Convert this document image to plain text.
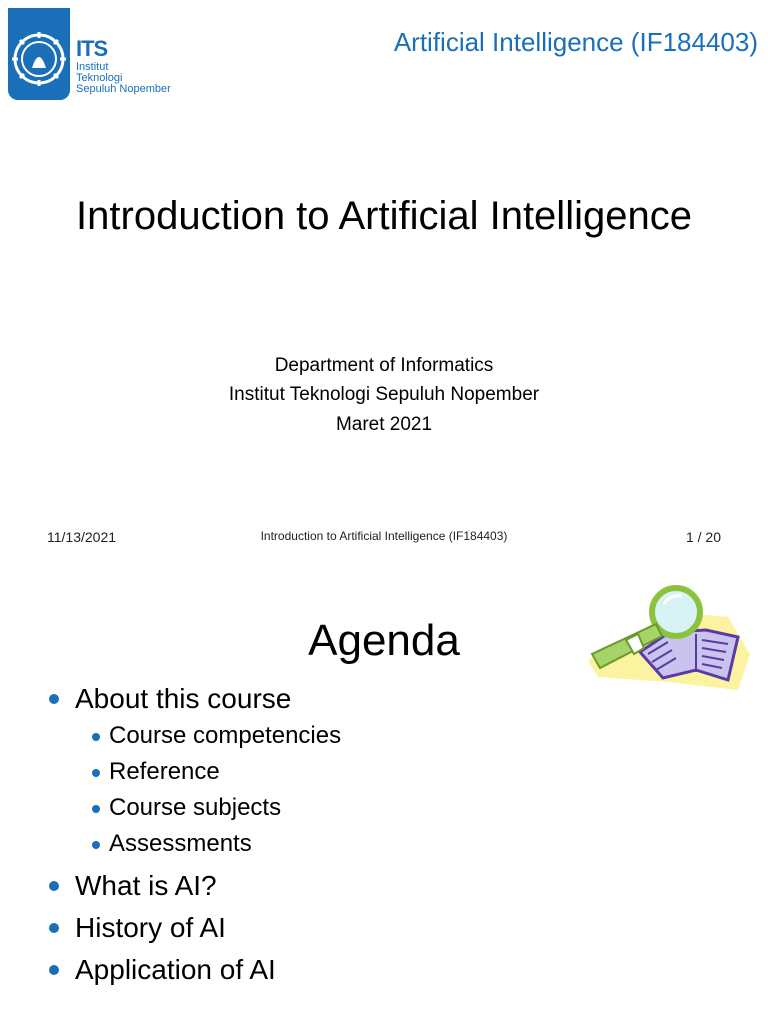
ITS
Institut
Teknologi
Sepuluh Nopember
Artificial Intelligence (IF184403)
Introduction to Artificial Intelligence
Department of Informatics
Institut Teknologi Sepuluh Nopember
Maret 2021
11/13/2021	Introduction to Artificial Intelligence (IF184403)	1 / 20
Agenda
About this course
Course competencies
Reference
Course subjects
Assessments
What is AI?
History of AI
Application of AI
